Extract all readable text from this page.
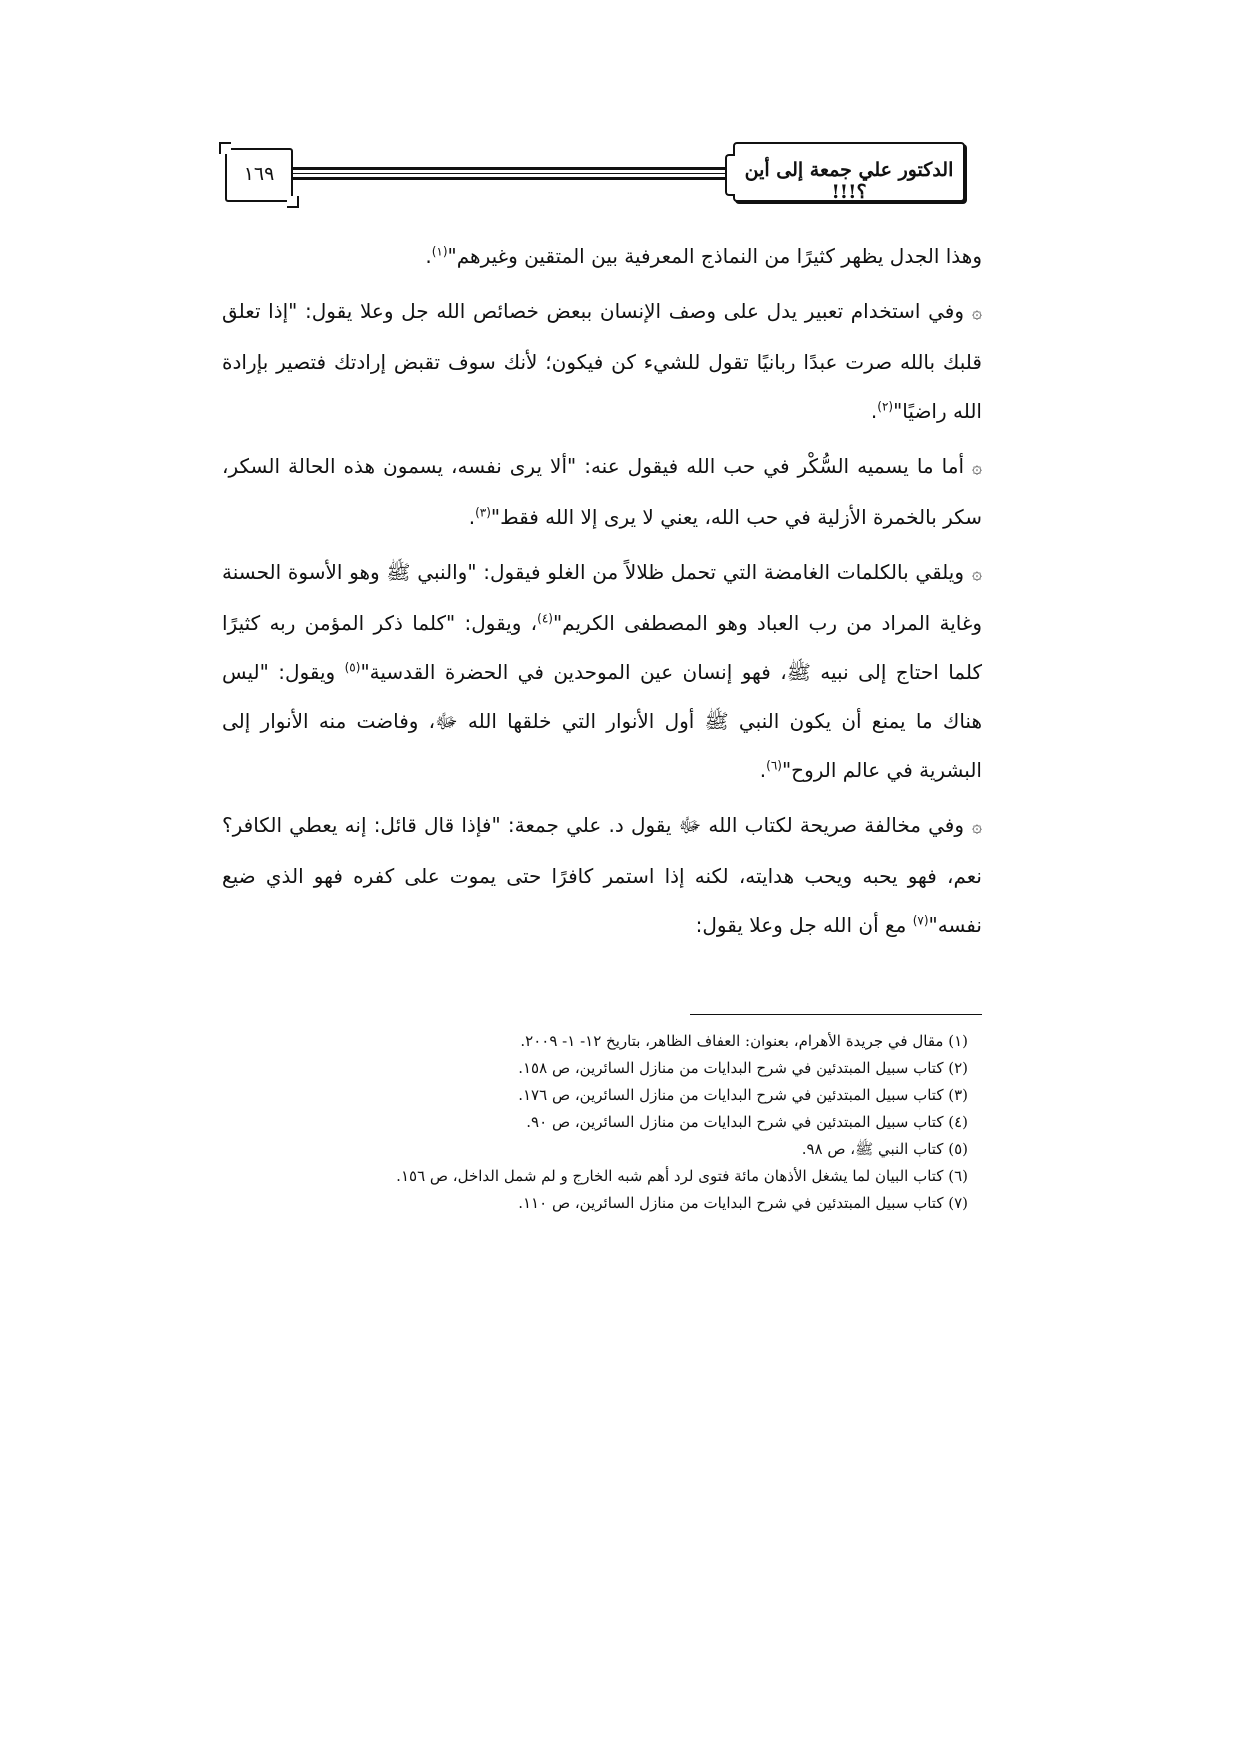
١٦٩	الدكتور علي جمعة إلى أين ؟!!!

وهذا الجدل يظهر كثيرًا من النماذج المعرفية بين المتقين وغيرهم"$^{(١)}$.

۞وفي استخدام تعبير يدل على وصف الإنسان ببعض خصائص الله جل وعلا يقول: "إذا تعلق قلبك بالله صرت عبدًا ربانيًا تقول للشيء كن فيكون؛ لأنك سوف تقبض إرادتك فتصير بإرادة الله راضيًا"$^{(٢)}$.

۞أما ما يسميه السُّكْر في حب الله فيقول عنه: "ألا يرى نفسه، يسمون هذه الحالة السكر، سكر بالخمرة الأزلية في حب الله، يعني لا يرى إلا الله فقط"$^{(٣)}$.

۞ويلقي بالكلمات الغامضة التي تحمل ظلالاً من الغلو فيقول: "والنبي ﷺ وهو الأسوة الحسنة وغاية المراد من رب العباد وهو المصطفى الكريم"$^{(٤)}$، ويقول: "كلما ذكر المؤمن ربه كثيرًا كلما احتاج إلى نبيه ﷺ، فهو إنسان عين الموحدين في الحضرة القدسية"$^{(٥)}$ ويقول: "ليس هناك ما يمنع أن يكون النبي ﷺ أول الأنوار التي خلقها الله ﷻ، وفاضت منه الأنوار إلى البشرية في عالم الروح"$^{(٦)}$.

۞وفي مخالفة صريحة لكتاب الله ﷻ يقول د. علي جمعة: "فإذا قال قائل: إنه يعطي الكافر؟ نعم، فهو يحبه ويحب هدايته، لكنه إذا استمر كافرًا حتى يموت على كفره فهو الذي ضيع نفسه"$^{(٧)}$ مع أن الله جل وعلا يقول:

(١) مقال في جريدة الأهرام، بعنوان: العفاف الظاهر، بتاريخ ١٢- ١- ٢٠٠٩.
(٢) كتاب سبيل المبتدئين في شرح البدايات من منازل السائرين، ص ١٥٨.
(٣) كتاب سبيل المبتدئين في شرح البدايات من منازل السائرين، ص ١٧٦.
(٤) كتاب سبيل المبتدئين في شرح البدايات من منازل السائرين، ص ٩٠.
(٥) كتاب النبي ﷺ، ص ٩٨.
(٦) كتاب البيان لما يشغل الأذهان مائة فتوى لرد أهم شبه الخارج و لم شمل الداخل، ص ١٥٦.
(٧) كتاب سبيل المبتدئين في شرح البدايات من منازل السائرين، ص ١١٠.
